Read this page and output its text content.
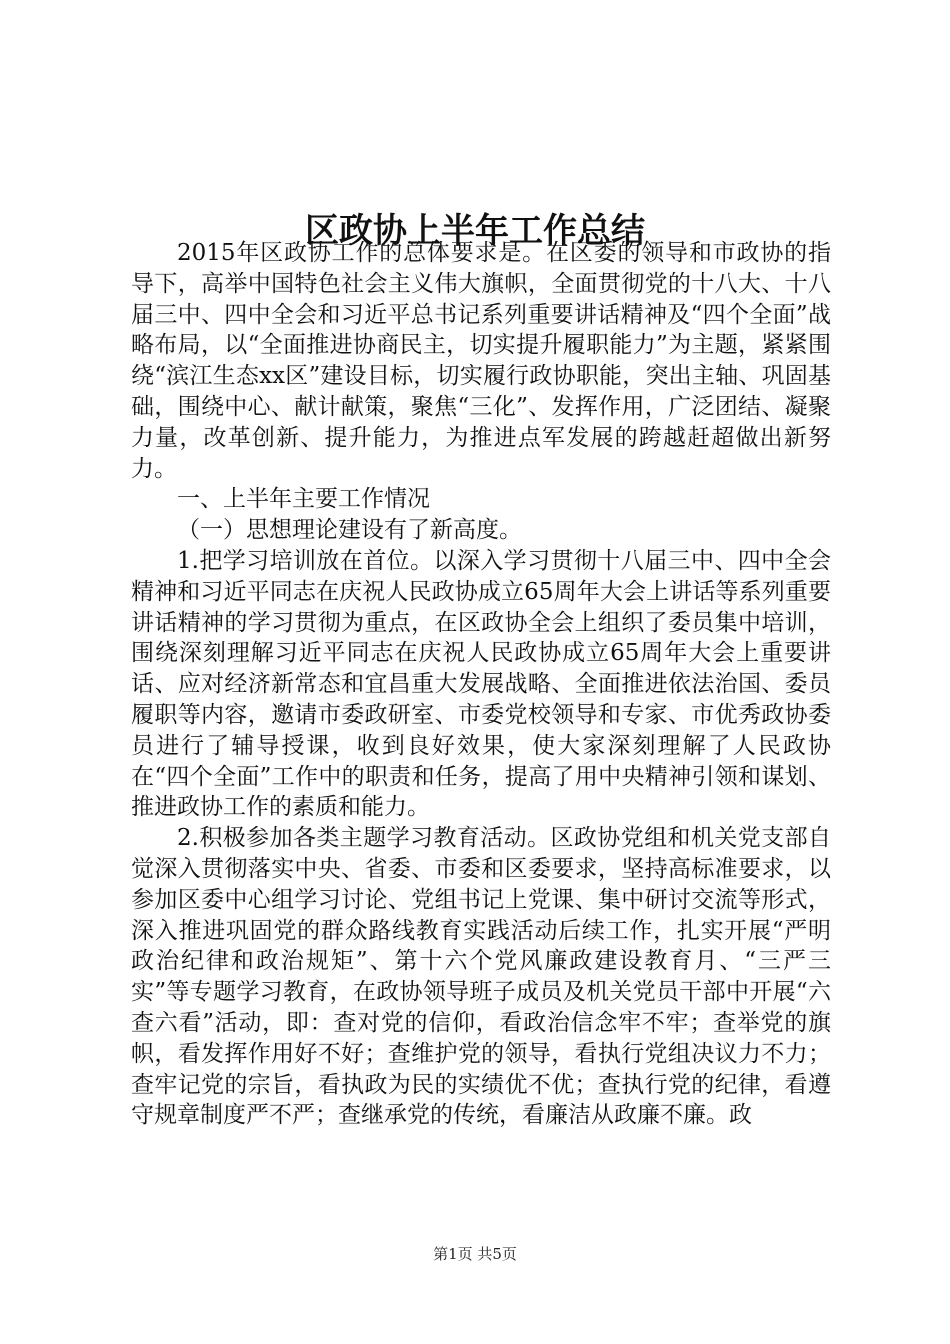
区政协上半年工作总结

2015年区政协工作的总体要求是。在区委的领导和市政协的指导下，高举中国特色社会主义伟大旗帜，全面贯彻党的十八大、十八届三中、四中全会和习近平总书记系列重要讲话精神及“四个全面”战略布局，以“全面推进协商民主，切实提升履职能力”为主题，紧紧围绕“滨江生态xx区”建设目标，切实履行政协职能，突出主轴、巩固基础，围绕中心、献计献策，聚焦“三化”、发挥作用，广泛团结、凝聚力量，改革创新、提升能力，为推进点军发展的跨越赶超做出新努力。

一、上半年主要工作情况

（一）思想理论建设有了新高度。

1.把学习培训放在首位。以深入学习贯彻十八届三中、四中全会精神和习近平同志在庆祝人民政协成立65周年大会上讲话等系列重要讲话精神的学习贯彻为重点，在区政协全会上组织了委员集中培训，围绕深刻理解习近平同志在庆祝人民政协成立65周年大会上重要讲话、应对经济新常态和宜昌重大发展战略、全面推进依法治国、委员履职等内容，邀请市委政研室、市委党校领导和专家、市优秀政协委员进行了辅导授课，收到良好效果，使大家深刻理解了人民政协在“四个全面”工作中的职责和任务，提高了用中央精神引领和谋划、推进政协工作的素质和能力。

2.积极参加各类主题学习教育活动。区政协党组和机关党支部自觉深入贯彻落实中央、省委、市委和区委要求，坚持高标准要求，以参加区委中心组学习讨论、党组书记上党课、集中研讨交流等形式，深入推进巩固党的群众路线教育实践活动后续工作，扎实开展“严明政治纪律和政治规矩”、第十六个党风廉政建设教育月、“三严三实”等专题学习教育，在政协领导班子成员及机关党员干部中开展“六查六看”活动，即：查对党的信仰，看政治信念牢不牢；查举党的旗帜，看发挥作用好不好；查维护党的领导，看执行党组决议力不力；查牢记党的宗旨，看执政为民的实绩优不优；查执行党的纪律，看遵守规章制度严不严；查继承党的传统，看廉洁从政廉不廉。政

第1页 共5页
